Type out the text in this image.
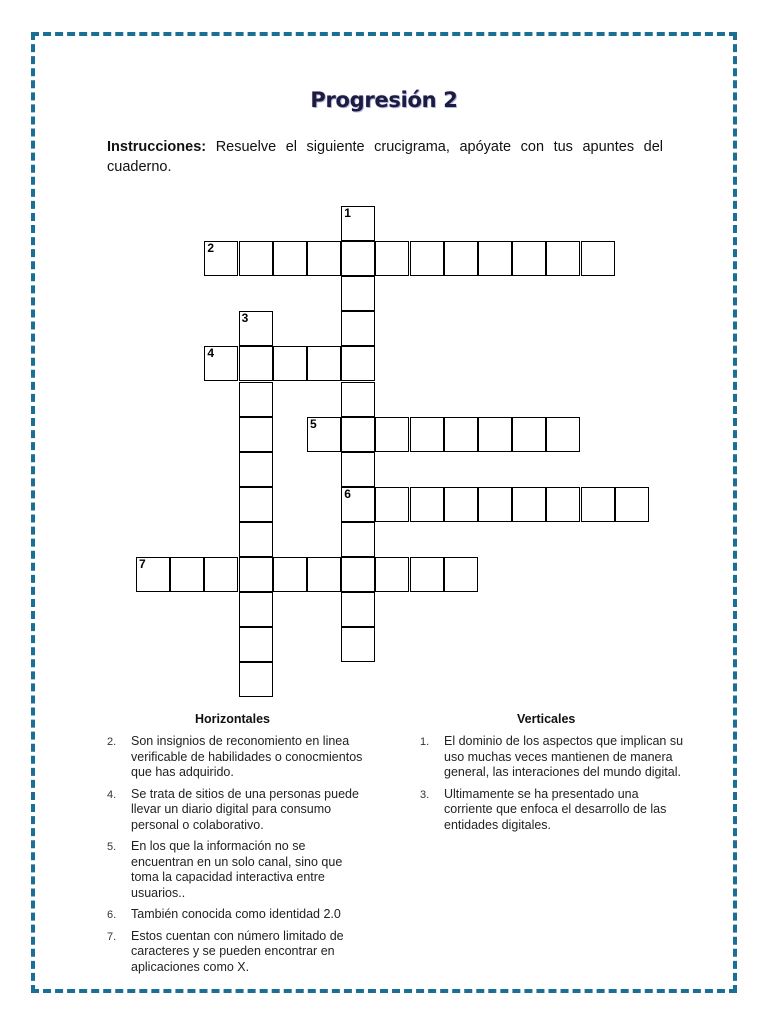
Progresión 2
Instrucciones: Resuelve el siguiente crucigrama, apóyate con tus apuntes del cuaderno.
1
6
2
3
4
5
7
Horizontales
2. Son insignios de reconomiento en linea verificable de habilidades o conocmientos que has adquirido.
4. Se trata de sitios de una personas puede llevar un diario digital para consumo personal o colaborativo.
5. En los que la información no se encuentran en un solo canal, sino que toma la capacidad interactiva entre usuarios..
6. También conocida como identidad 2.0
7. Estos cuentan con número limitado de caracteres y se pueden encontrar en aplicaciones como X.
Verticales
1. El dominio de los aspectos que implican su uso muchas veces mantienen de manera general, las interaciones del mundo digital.
3. Ultimamente se ha presentado una corriente que enfoca el desarrollo de las entidades digitales.
